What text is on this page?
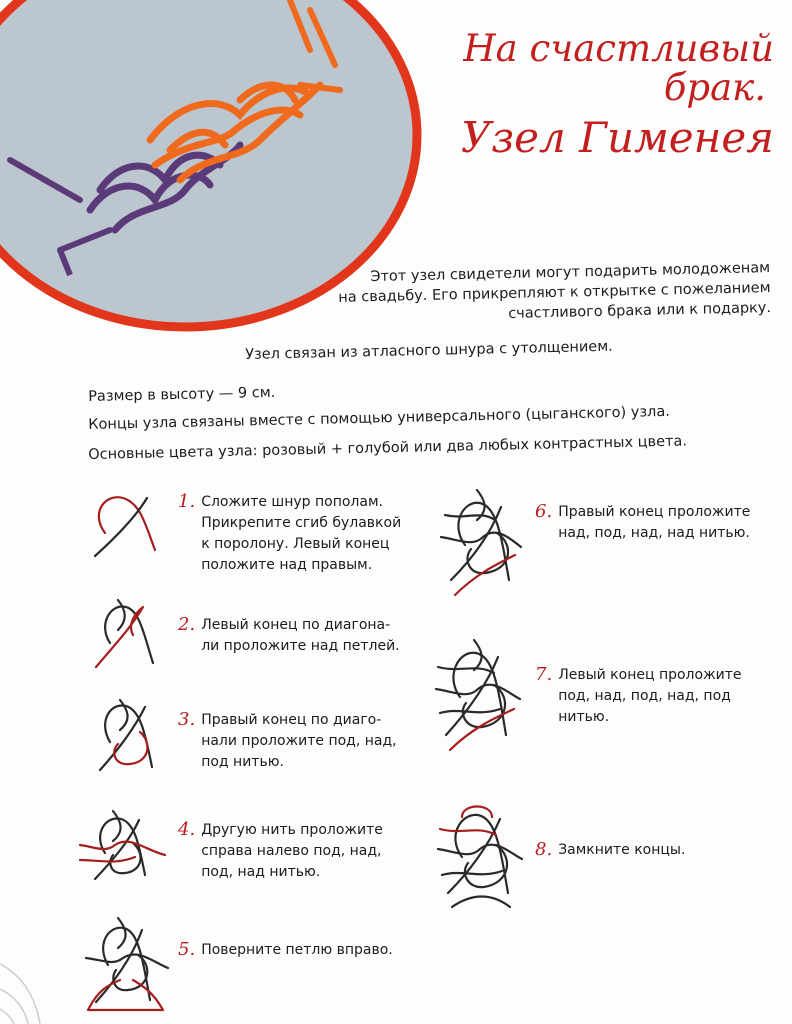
На счастливый
брак.
Узел Гименея

Этот узел свидетели могут подарить молодоженам

на свадьбу. Его прикрепляют к открытке с пожеланием

счастливого брака или к подарку.

Узел связан из атласного шнура с утолщением.

Размер в высоту — 9 см.

Концы узла связаны вместе с помощью универсального (цыганского) узла.

Основные цвета узла: розовый + голубой или два любых контрастных цвета.

1. Сложите шнур пополам.
Прикрепите сгиб булавкой
к поролону. Левый конец
положите над правым.
2. Левый конец по диагона-
ли проложите над петлей.
3. Правый конец по диаго-
нали проложите под, над,
под нитью.
4. Другую нить проложите
справа налево под, над,
под, над нитью.
5. Поверните петлю вправо.
6. Правый конец проложите
над, под, над, над нитью.
7. Левый конец проложите
под, над, под, над, под
нитью.
8. Замкните концы.
